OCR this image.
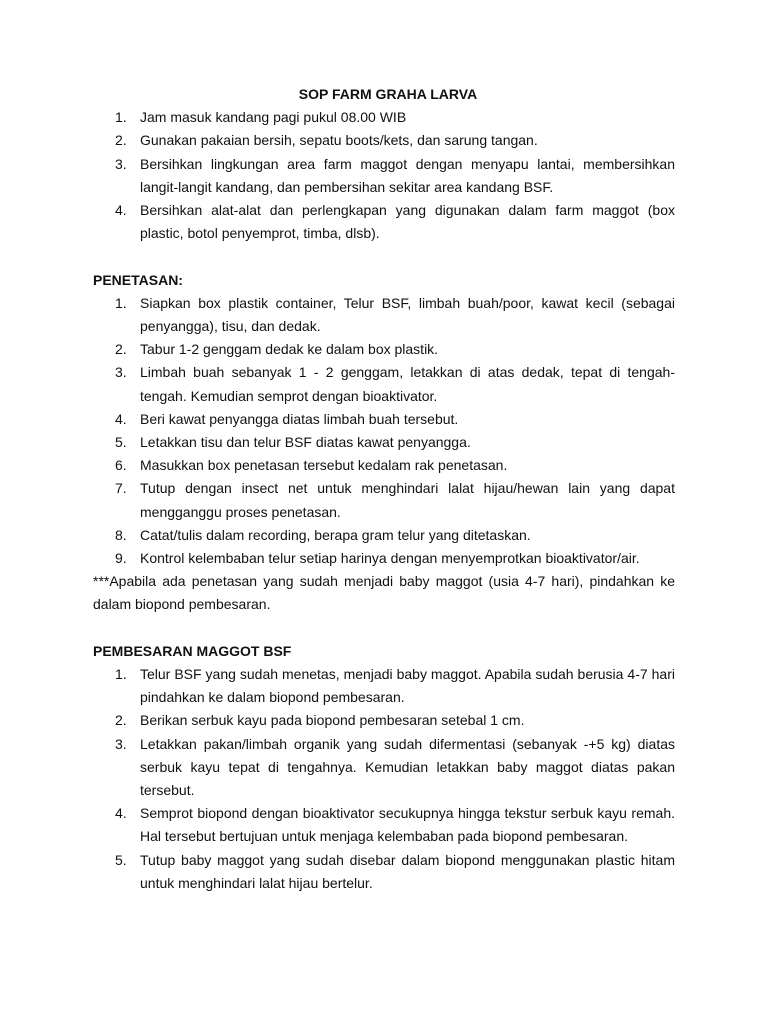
SOP FARM GRAHA LARVA
1. Jam masuk kandang pagi pukul 08.00 WIB
2. Gunakan pakaian bersih, sepatu boots/kets, dan sarung tangan.
3. Bersihkan lingkungan area farm maggot dengan menyapu lantai, membersihkan langit-langit kandang, dan pembersihan sekitar area kandang BSF.
4. Bersihkan alat-alat dan perlengkapan yang digunakan dalam farm maggot (box plastic, botol penyemprot, timba, dlsb).
PENETASAN:
1. Siapkan box plastik container, Telur BSF, limbah buah/poor, kawat kecil (sebagai penyangga), tisu, dan dedak.
2. Tabur 1-2 genggam dedak ke dalam box plastik.
3. Limbah buah sebanyak 1 - 2 genggam, letakkan di atas dedak, tepat di tengah-tengah. Kemudian semprot dengan bioaktivator.
4. Beri kawat penyangga diatas limbah buah tersebut.
5. Letakkan tisu dan telur BSF diatas kawat penyangga.
6. Masukkan box penetasan tersebut kedalam rak penetasan.
7. Tutup dengan insect net untuk menghindari lalat hijau/hewan lain yang dapat mengganggu proses penetasan.
8. Catat/tulis dalam recording, berapa gram telur yang ditetaskan.
9. Kontrol kelembaban telur setiap harinya dengan menyemprotkan bioaktivator/air.
***Apabila ada penetasan yang sudah menjadi baby maggot (usia 4-7 hari), pindahkan ke dalam biopond pembesaran.
PEMBESARAN MAGGOT BSF
1. Telur BSF yang sudah menetas, menjadi baby maggot. Apabila sudah berusia 4-7 hari pindahkan ke dalam biopond pembesaran.
2. Berikan serbuk kayu pada biopond pembesaran setebal 1 cm.
3. Letakkan pakan/limbah organik yang sudah difermentasi (sebanyak -+5 kg) diatas serbuk kayu tepat di tengahnya. Kemudian letakkan baby maggot diatas pakan tersebut.
4. Semprot biopond dengan bioaktivator secukupnya hingga tekstur serbuk kayu remah. Hal tersebut bertujuan untuk menjaga kelembaban pada biopond pembesaran.
5. Tutup baby maggot yang sudah disebar dalam biopond menggunakan plastic hitam untuk menghindari lalat hijau bertelur.
